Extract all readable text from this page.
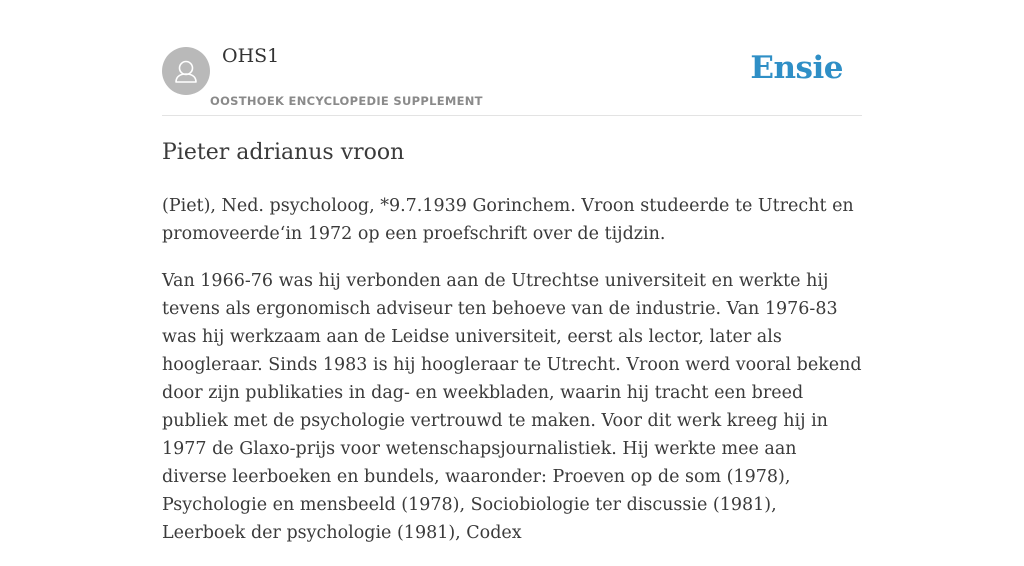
OHS1
OOSTHOEK ENCYCLOPEDIE SUPPLEMENT
Ensie
Pieter adrianus vroon

(Piet), Ned. psycholoog, *9.7.1939 Gorinchem. Vroon studeerde te Utrecht en promoveerde‘in 1972 op een proefschrift over de tijdzin.

Van 1966-76 was hij verbonden aan de Utrechtse universiteit en werkte hij tevens als ergonomisch adviseur ten behoeve van de industrie. Van 1976-83 was hij werkzaam aan de Leidse universiteit, eerst als lector, later als hoogleraar. Sinds 1983 is hij hoogleraar te Utrecht. Vroon werd vooral bekend door zijn publikaties in dag- en weekbladen, waarin hij tracht een breed publiek met de psychologie vertrouwd te maken. Voor dit werk kreeg hij in 1977 de Glaxo-prijs voor wetenschapsjournalistiek. Hij werkte mee aan diverse leerboeken en bundels, waaronder: Proeven op de som (1978), Psychologie en mensbeeld (1978), Sociobiologie ter discussie (1981), Leerboek der psychologie (1981), Codex
